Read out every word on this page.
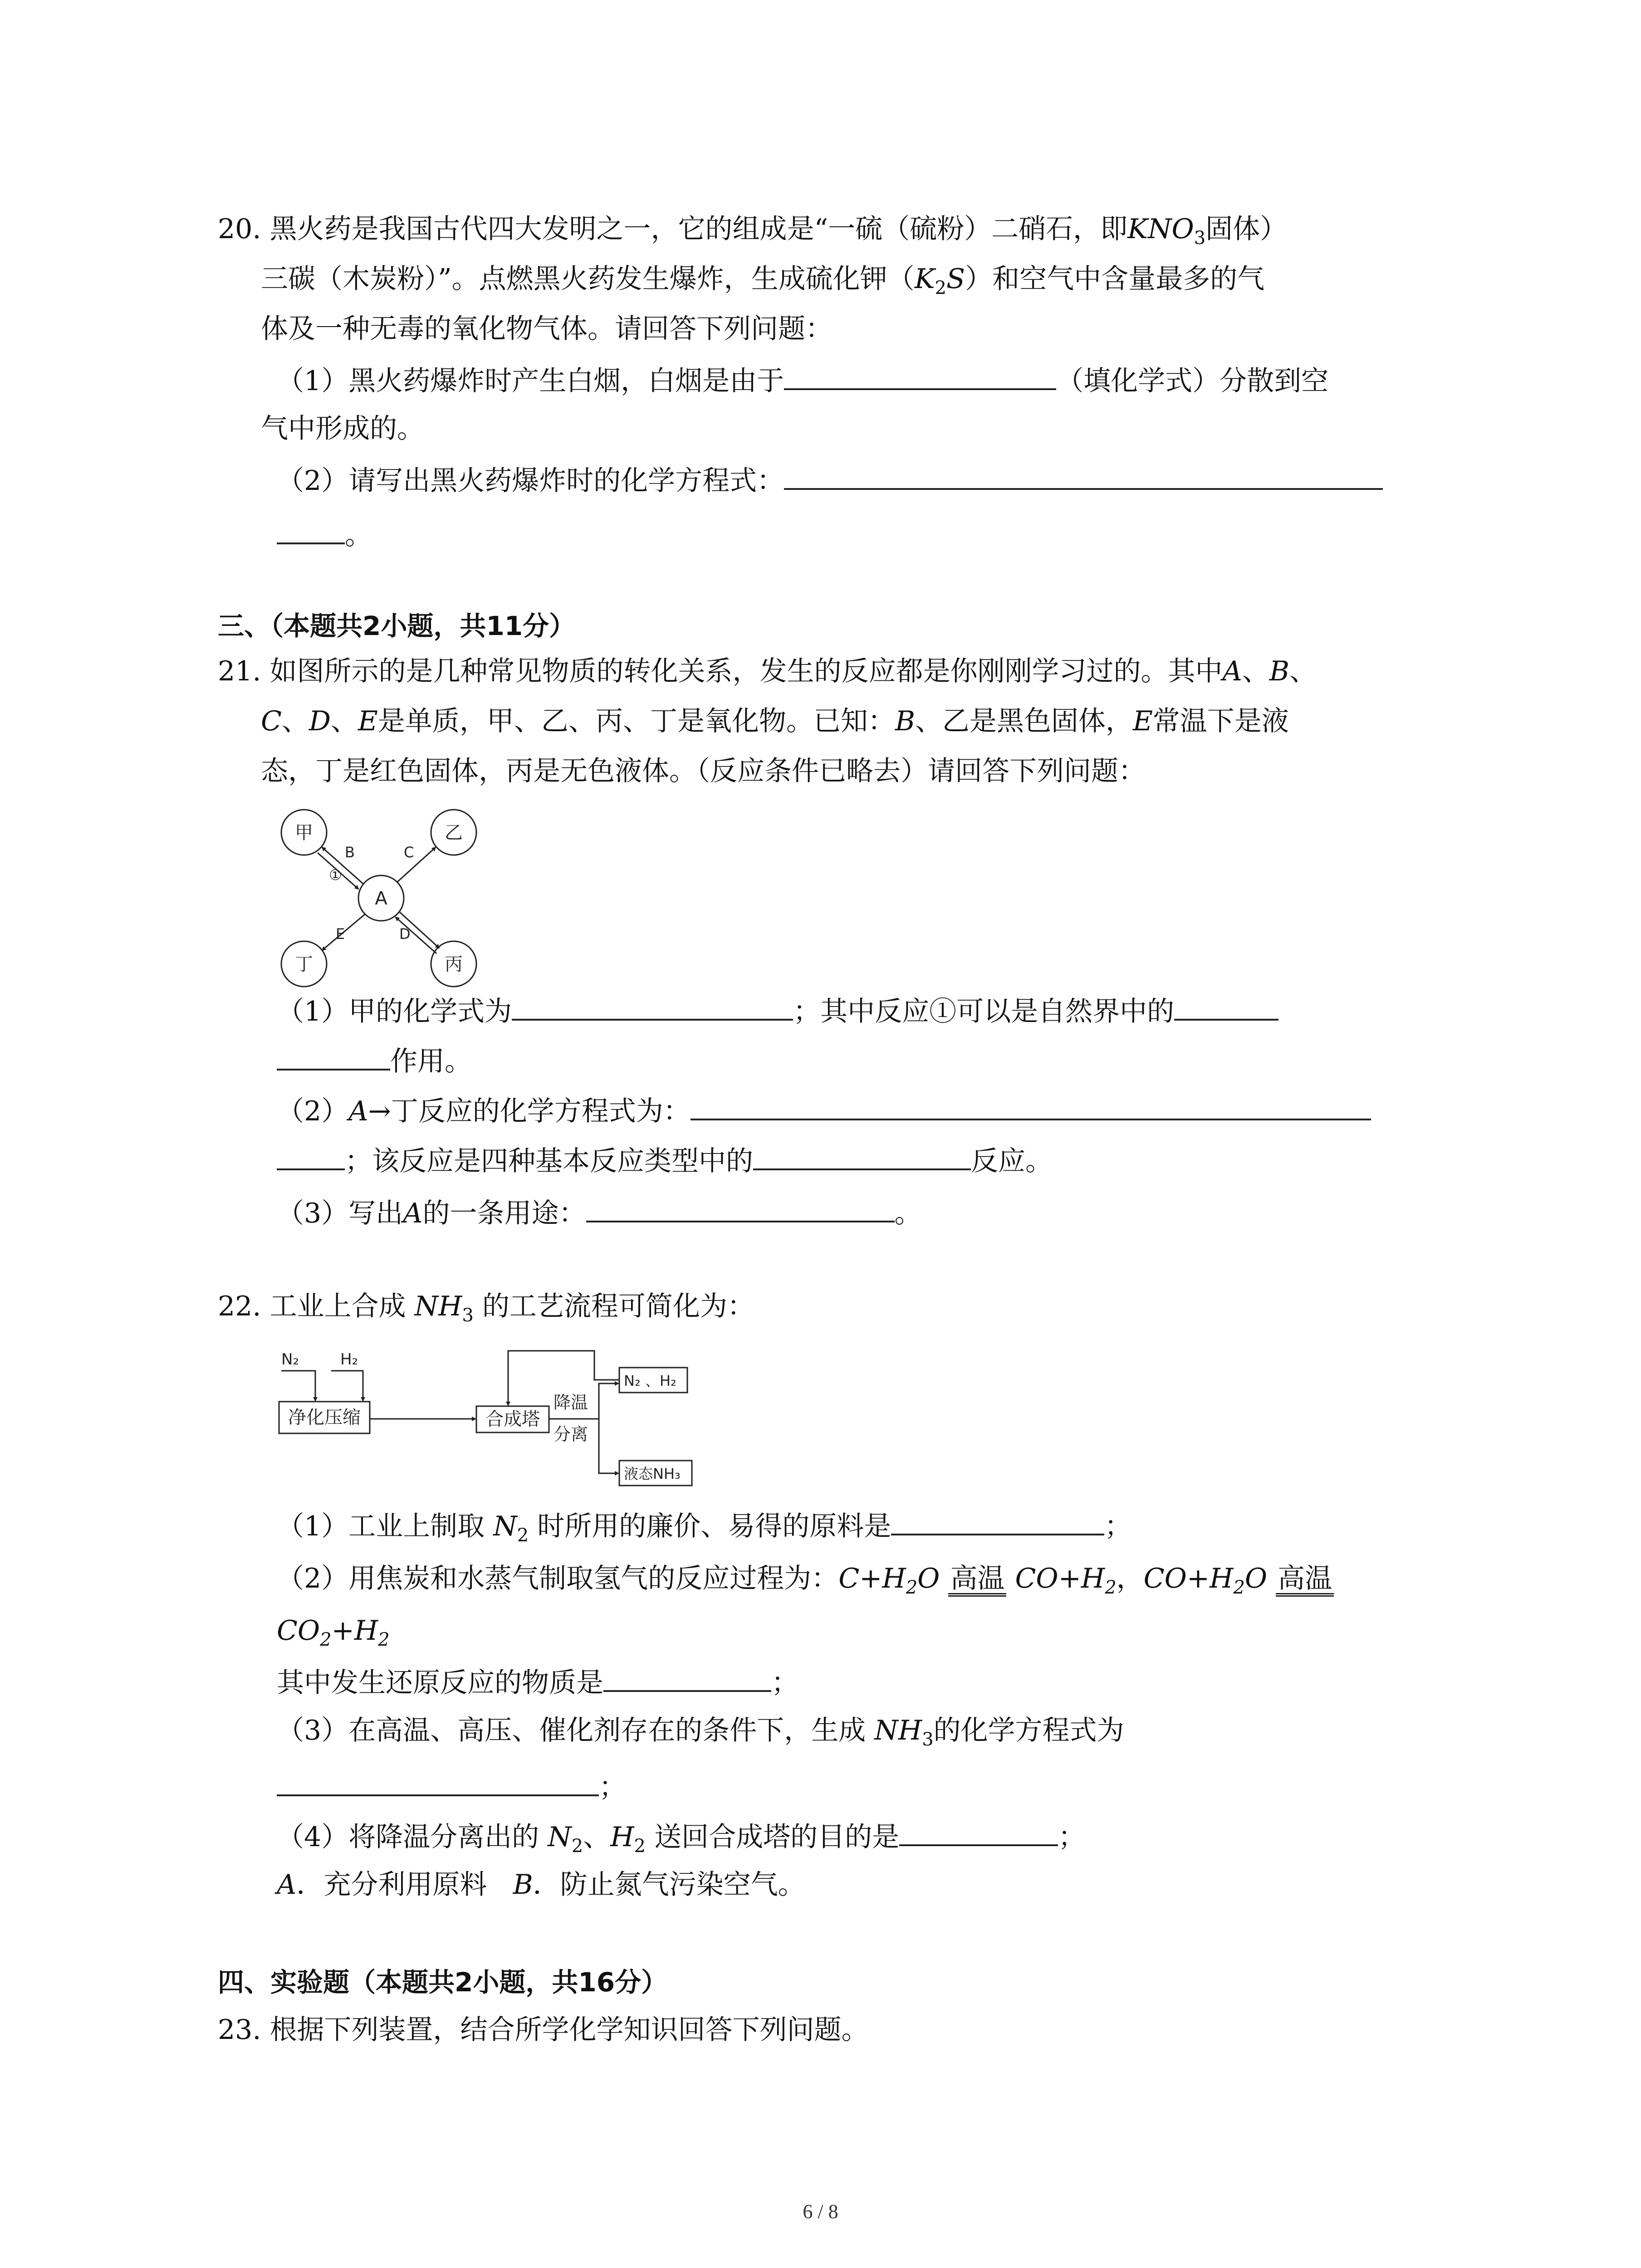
20. 黑火药是我国古代四大发明之一，它的组成是“一硫（硫粉）二硝石，即$KNO_3$固体）
三碳（木炭粉）”。点燃黑火药发生爆炸，生成硫化钾$(K_2S)$和空气中含量最多的气
体及一种无毒的氧化物气体。请回答下列问题：
（1）黑火药爆炸时产生白烟，白烟是由于	（填化学式）分散到空
气中形成的。
（2）请写出黑火药爆炸时的化学方程式：
。
三、（本题共2小题，共11分）
21. 如图所示的是几种常见物质的转化关系，发生的反应都是你刚刚学习过的。其中A、B、
C、D、E是单质，甲、乙、丙、丁是氧化物。已知：B、乙是黑色固体，E常温下是液
态，丁是红色固体，丙是无色液体。（反应条件已略去）请回答下列问题：
甲	乙
丁	丙
A
B	C
①
E	D
（1）甲的化学式为	；其中反应①可以是自然界中的
作用。
（2）A→丁反应的化学方程式为：
；该反应是四种基本反应类型中的	反应。
（3）写出A的一条用途：	。
22. 工业上合成 $NH_3$ 的工艺流程可简化为：
N₂	H₂
净化压缩	合成塔
降温
分离
N₂ 、H₂
液态NH₃
（1）工业上制取 $N_2$ 时所用的廉价、易得的原料是	；
（2）用焦炭和水蒸气制取氢气的反应过程为：$C+H_2O$ 高温 $CO+H_2$，$CO+H_2O$ 高温
$CO_2+H_2$
其中发生还原反应的物质是	；
（3）在高温、高压、催化剂存在的条件下，生成 $NH_3$的化学方程式为
；
（4）将降温分离出的 $N_2$、$H_2$ 送回合成塔的目的是	；
A．充分利用原料 B．防止氮气污染空气。
四、实验题（本题共2小题，共16分）
23. 根据下列装置，结合所学化学知识回答下列问题。
6 / 8
